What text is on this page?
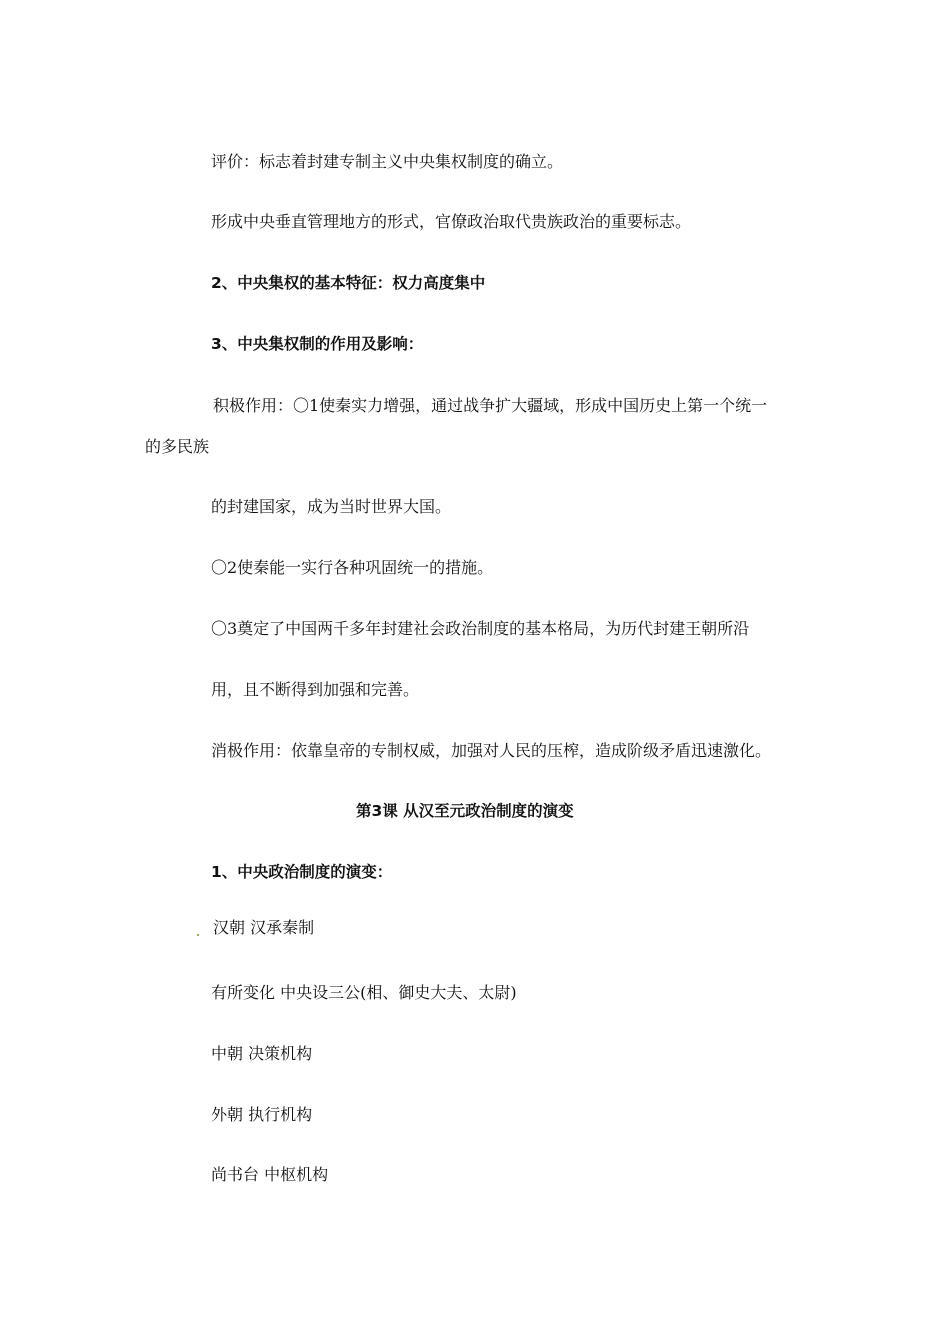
评价：标志着封建专制主义中央集权制度的确立。
形成中央垂直管理地方的形式，官僚政治取代贵族政治的重要标志。
2、中央集权的基本特征：权力高度集中
3、中央集权制的作用及影响：
积极作用：〇1使秦实力增强，通过战争扩大疆域，形成中国历史上第一个统一
的多民族
的封建国家，成为当时世界大国。
〇2使秦能一实行各种巩固统一的措施。
〇3奠定了中国两千多年封建社会政治制度的基本格局，为历代封建王朝所沿
用，且不断得到加强和完善。
消极作用：依靠皇帝的专制权威，加强对人民的压榨，造成阶级矛盾迅速激化。
第3课 从汉至元政治制度的演变
1、中央政治制度的演变：
汉朝 汉承秦制
有所变化 中央设三公(相、御史大夫、太尉)
中朝 决策机构
外朝 执行机构
尚书台 中枢机构
